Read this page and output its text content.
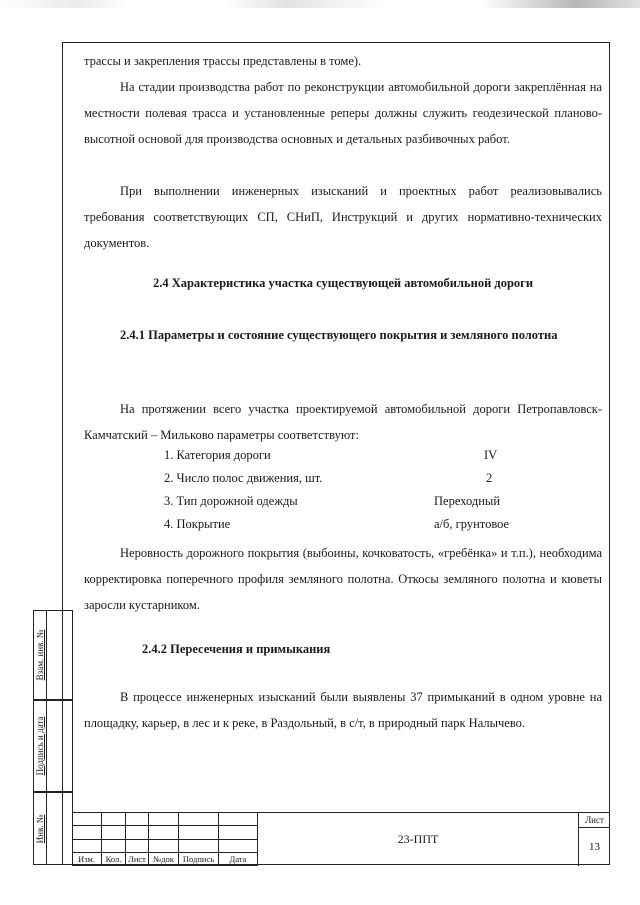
Взам. инв. №
Подпись и дата
Инв. №

трассы и закрепления трассы представлены в томе).

На стадии производства работ по реконструкции автомобильной дороги закреплённая на местности полевая трасса и установленные реперы должны служить геодезической планово-высотной основой для производства основных и детальных разбивочных работ.

При выполнении инженерных изысканий и проектных работ реализовывались требования соответствующих СП, СНиП, Инструкций и других нормативно-технических документов.

2.4 Характеристика участка существующей автомобильной дороги
2.4.1 Параметры и состояние существующего покрытия и земляного полотна

На протяжении всего участка проектируемой автомобильной дороги Петропавловск-Камчатский – Мильково параметры соответствуют:

1. Категория дороги	IV
2. Число полос движения, шт.	2
3. Тип дорожной одежды	Переходный
4. Покрытие	а/б, грунтовое

Неровность дорожного покрытия (выбоины, кочковатость, «гребёнка» и т.п.), необходима корректировка поперечного профиля земляного полотна. Откосы земляного полотна и кюветы заросли кустарником.

2.4.2 Пересечения и примыкания

В процессе инженерных изысканий были выявлены 37 примыканий в одном уровне на площадку, карьер, в лес и к реке, в Раздольный, в с/т, в природный парк Налычево.

Изм.	Кол. Лист №док	Подпись	Дата
23-ППТ
Лист
13
